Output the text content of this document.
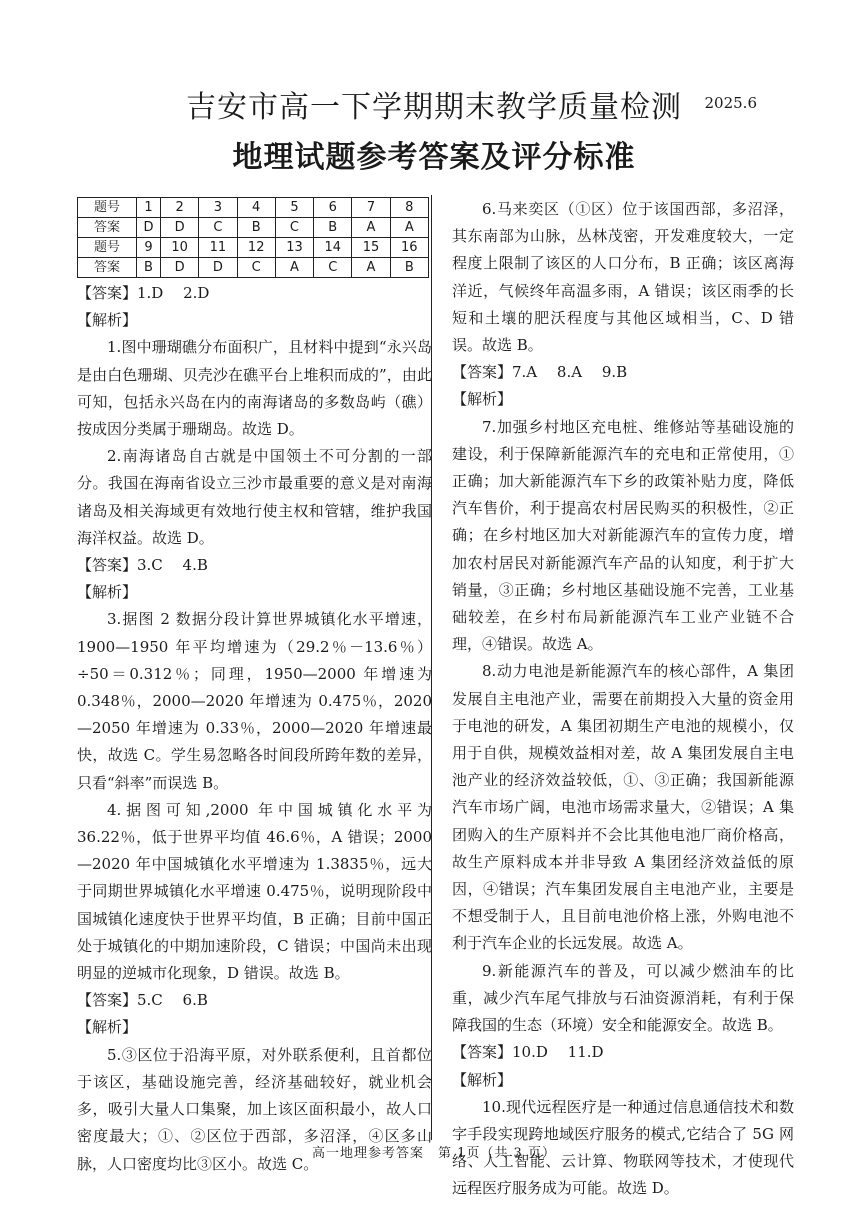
吉安市高一下学期期末教学质量检测 2025.6
地理试题参考答案及评分标准
题号	1	2	3	4	5	6	7	8
答案	D	D	C	B	C	B	A	A
题号	9	10	11	12	13	14	15	16
答案	B	D	D	C	A	C	A	B

【答案】1.D　 2.D

【解析】

1.图中珊瑚礁分布面积广，且材料中提到“永兴岛是由白色珊瑚、贝壳沙在礁平台上堆积而成的”，由此可知，包括永兴岛在内的南海诸岛的多数岛屿（礁）按成因分类属于珊瑚岛。故选 D。

2.南海诸岛自古就是中国领土不可分割的一部分。我国在海南省设立三沙市最重要的意义是对南海诸岛及相关海域更有效地行使主权和管辖，维护我国海洋权益。故选 D。

【答案】3.C　 4.B

【解析】

3.据图 2 数据分段计算世界城镇化水平增速，1900—1950 年平均增速为（29.2％－13.6％）÷50＝0.312％；同理，1950—2000 年增速为 0.348％，2000—2020 年增速为 0.475％，2020—2050 年增速为 0.33％，2000—2020 年增速最快，故选 C。学生易忽略各时间段所跨年数的差异，只看“斜率”而误选 B。

4.据图可知,2000 年中国城镇化水平为 36.22％，低于世界平均值 46.6％，A 错误；2000—2020 年中国城镇化水平增速为 1.3835％，远大于同期世界城镇化水平增速 0.475％，说明现阶段中国城镇化速度快于世界平均值，B 正确；目前中国正处于城镇化的中期加速阶段，C 错误；中国尚未出现明显的逆城市化现象，D 错误。故选 B。

【答案】5.C　 6.B

【解析】

5.③区位于沿海平原，对外联系便利，且首都位于该区，基础设施完善，经济基础较好，就业机会多，吸引大量人口集聚，加上该区面积最小，故人口密度最大；①、②区位于西部，多沼泽，④区多山脉，人口密度均比③区小。故选 C。

6.马来奕区（①区）位于该国西部，多沼泽，其东南部为山脉，丛林茂密，开发难度较大，一定程度上限制了该区的人口分布，B 正确；该区离海洋近，气候终年高温多雨，A 错误；该区雨季的长短和土壤的肥沃程度与其他区域相当，C、D 错误。故选 B。

【答案】7.A　 8.A　 9.B

【解析】

7.加强乡村地区充电桩、维修站等基础设施的建设，利于保障新能源汽车的充电和正常使用，①正确；加大新能源汽车下乡的政策补贴力度，降低汽车售价，利于提高农村居民购买的积极性，②正确；在乡村地区加大对新能源汽车的宣传力度，增加农村居民对新能源汽车产品的认知度，利于扩大销量，③正确；乡村地区基础设施不完善，工业基础较差，在乡村布局新能源汽车工业产业链不合理，④错误。故选 A。

8.动力电池是新能源汽车的核心部件，A 集团发展自主电池产业，需要在前期投入大量的资金用于电池的研发，A 集团初期生产电池的规模小，仅用于自供，规模效益相对差，故 A 集团发展自主电池产业的经济效益较低，①、③正确；我国新能源汽车市场广阔，电池市场需求量大，②错误；A 集团购入的生产原料并不会比其他电池厂商价格高，故生产原料成本并非导致 A 集团经济效益低的原因，④错误；汽车集团发展自主电池产业，主要是不想受制于人，且目前电池价格上涨，外购电池不利于汽车企业的长远发展。故选 A。

9.新能源汽车的普及，可以减少燃油车的比重，减少汽车尾气排放与石油资源消耗，有利于保障我国的生态（环境）安全和能源安全。故选 B。

【答案】10.D　 11.D

【解析】

10.现代远程医疗是一种通过信息通信技术和数字手段实现跨地域医疗服务的模式,它结合了 5G 网络、人工智能、云计算、物联网等技术，才使现代远程医疗服务成为可能。故选 D。

高一地理参考答案　第 1页（共 3 页）
